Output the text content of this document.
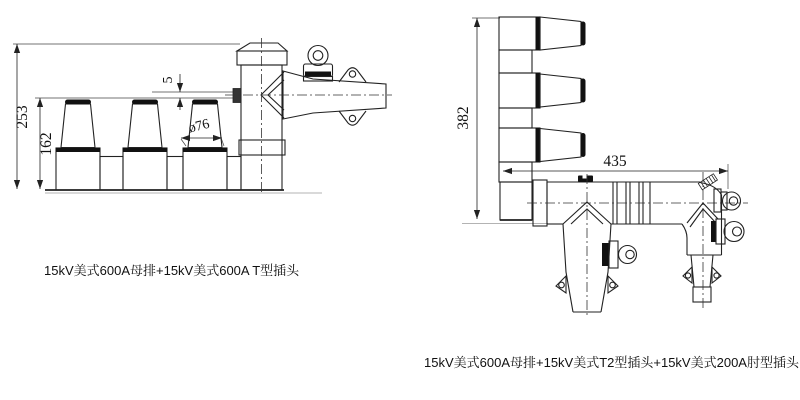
253
162
5
ø76
15kV美式600A母排+15kV美式600A T型插头
382
435
15kV美式600A母排+15kV美式T2型插头+15kV美式200A肘型插头
